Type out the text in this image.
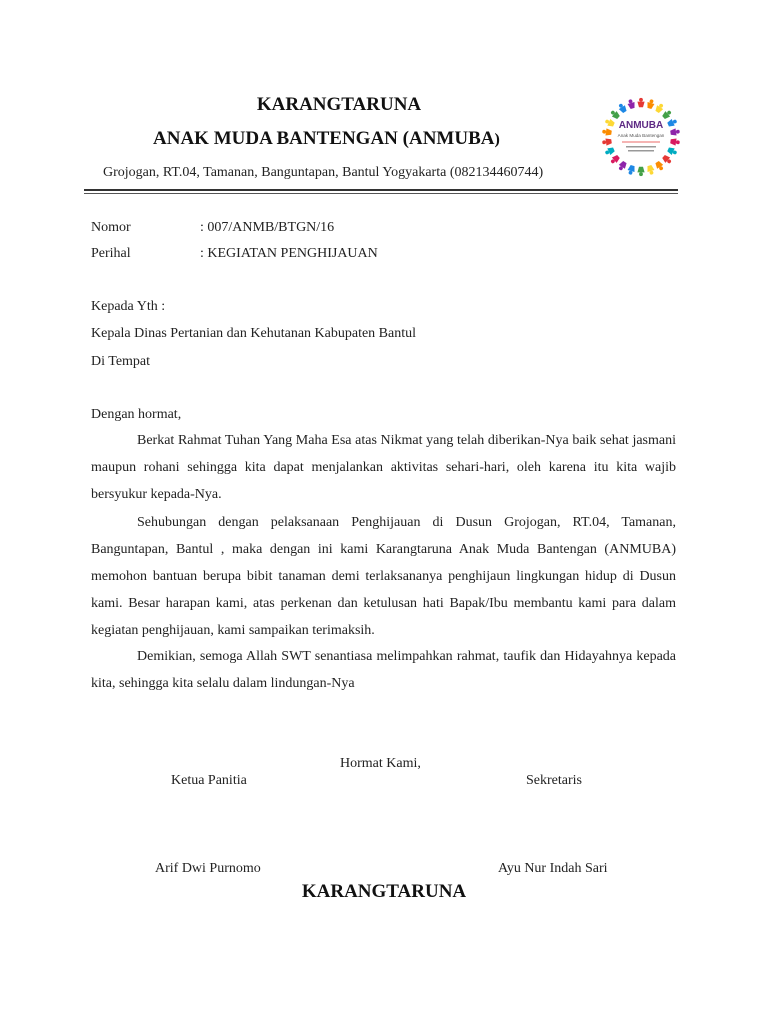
KARANGTARUNA
ANAK MUDA BANTENGAN (ANMUBA)
Grojogan, RT.04, Tamanan, Banguntapan, Bantul Yogyakarta (082134460744)
ANMUBA
Anak Muda Bantengan
Nomor	: 007/ANMB/BTGN/16
Perihal	: KEGIATAN PENGHIJAUAN
Kepada Yth :
Kepala Dinas Pertanian dan Kehutanan Kabupaten Bantul
Di Tempat
Dengan hormat,
Berkat Rahmat Tuhan Yang Maha Esa atas Nikmat yang telah diberikan-Nya baik sehat jasmani maupun rohani sehingga kita dapat menjalankan aktivitas sehari-hari, oleh karena itu kita wajib bersyukur kepada-Nya.
Sehubungan dengan pelaksanaan Penghijauan di Dusun Grojogan, RT.04, Tamanan, Banguntapan, Bantul , maka dengan ini kami Karangtaruna Anak Muda Bantengan (ANMUBA) memohon bantuan berupa bibit tanaman demi terlaksananya penghijaun lingkungan hidup di Dusun kami. Besar harapan kami, atas perkenan dan ketulusan hati Bapak/Ibu membantu kami para dalam kegiatan penghijauan, kami sampaikan terimaksih.
Demikian, semoga Allah SWT senantiasa melimpahkan rahmat, taufik dan Hidayahnya kepada kita, sehingga kita selalu dalam lindungan-Nya
Hormat Kami,
Ketua Panitia	Sekretaris
Arif Dwi Purnomo	Ayu Nur Indah Sari
KARANGTARUNA
